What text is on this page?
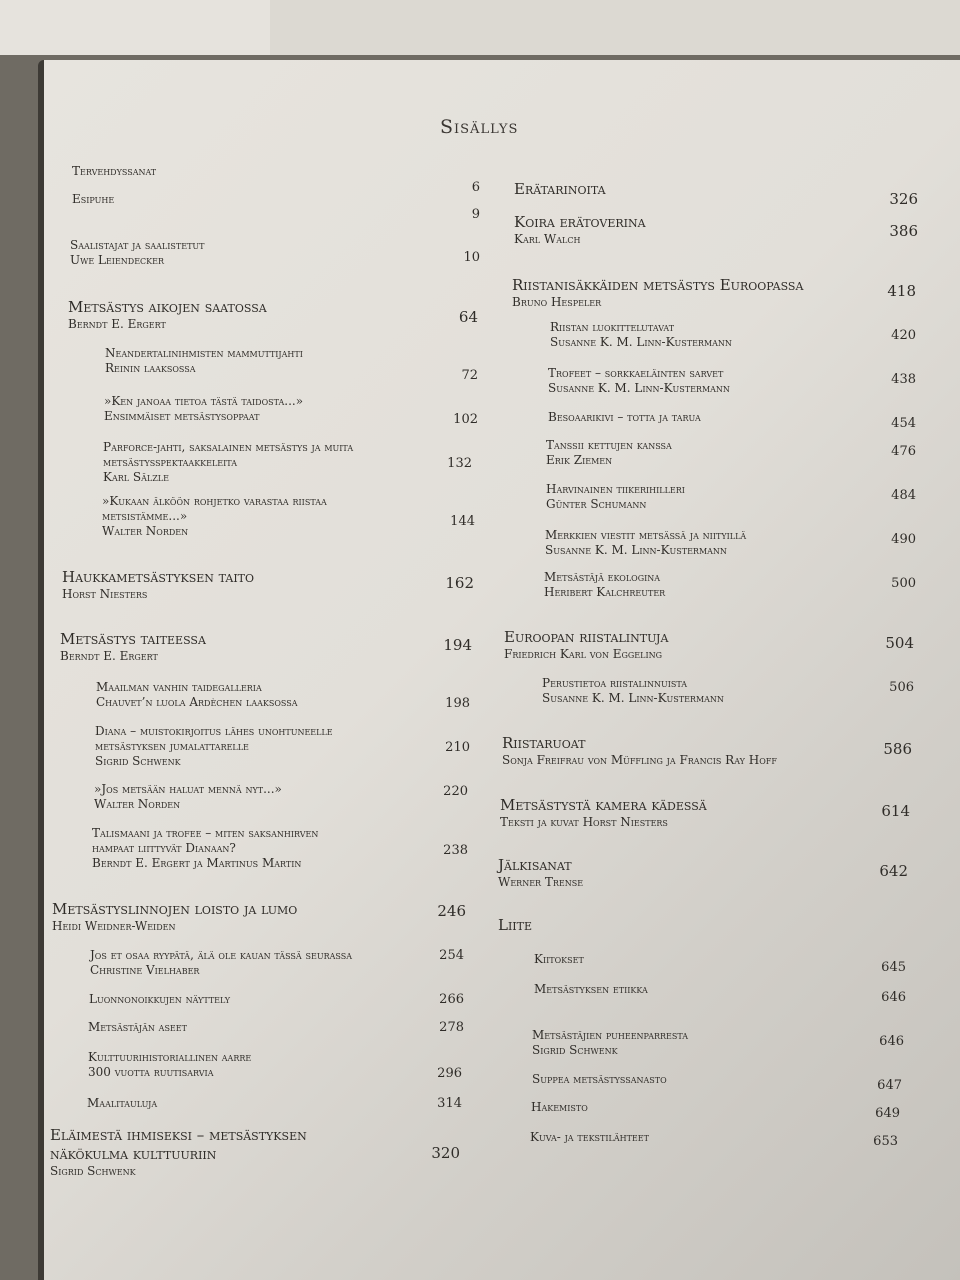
Sisällys
Tervehdyssanat
6
Esipuhe
9
Saalistajat ja saalistetut
Uwe Leiendecker	10
Metsästys aikojen saatossa
Berndt E. Ergert	64
Neandertalinihmisten mammuttijahti
Reinin laaksossa	72
»Ken janoaa tietoa tästä taidosta...»
Ensimmäiset metsästysoppaat	102
Parforce-jahti, saksalainen metsästys ja muita
metsästysspektaakkeleita
Karl Sälzle
132
»Kukaan älköön rohjetko varastaa riistaa
metsistämme...»
Walter Norden
144
Haukkametsästyksen taito
Horst Niesters
162
Metsästys taiteessa
Berndt E. Ergert
194
Maailman vanhin taidegalleria
Chauvet’n luola Ardèchen laaksossa	198
Diana – muistokirjoitus lähes unohtuneelle
metsästyksen jumalattarelle
Sigrid Schwenk
210
»Jos metsään haluat mennä nyt...»
Walter Norden
220
Talismaani ja trofee – miten saksanhirven
hampaat liittyvät Dianaan?
Berndt E. Ergert ja Martinus Martin
238
Metsästyslinnojen loisto ja lumo
Heidi Weidner-Weiden
246
Jos et osaa ryypätä, älä ole kauan tässä seurassa
Christine Vielhaber
254
Luonnonoikkujen näyttely	266
Metsästäjän aseet	278
Kulttuurihistoriallinen aarre
300 vuotta ruutisarvia	296
Maalitauluja	314
Eläimestä ihmiseksi – metsästyksen
näkökulma kulttuuriin
Sigrid Schwenk
320
Erätarinoita
326
Koira erätoverina
Karl Walch	386
Riistanisäkkäiden metsästys Euroopassa
Bruno Hespeler
418
Riistan luokittelutavat
Susanne K. M. Linn-Kustermann	420
Trofeet – sorkkaeläinten sarvet
Susanne K. M. Linn-Kustermann
438
Besoaarikivi – totta ja tarua	454
Tanssii kettujen kanssa
Erik Ziemen
476
Harvinainen tiikerihilleri
Günter Schumann
484
Merkkien viestit metsässä ja niityillä
Susanne K. M. Linn-Kustermann
490
Metsästäjä ekologina
Heribert Kalchreuter
500
Euroopan riistalintuja
Friedrich Karl von Eggeling
504
Perustietoa riistalinnuista
Susanne K. M. Linn-Kustermann
506
Riistaruoat
Sonja Freifrau von Müffling ja Francis Ray Hoff
586
Metsästystä kamera kädessä
Teksti ja kuvat Horst Niesters
614
Jälkisanat
Werner Trense
642
Liite
Kiitokset
645
Metsästyksen etiikka
646
Metsästäjien puheenparresta
Sigrid Schwenk
646
Suppea metsästyssanasto	647
Hakemisto	649
Kuva- ja tekstilähteet	653
